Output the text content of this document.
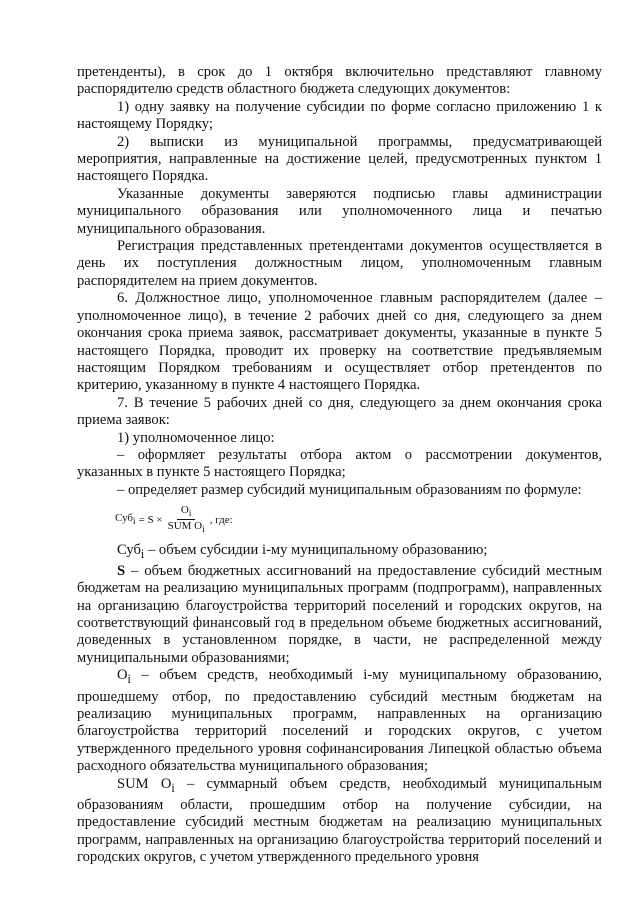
претенденты), в срок до 1 октября включительно представляют главному распорядителю средств областного бюджета следующих документов:

1) одну заявку на получение субсидии по форме согласно приложению 1 к настоящему Порядку;

2) выписки из муниципальной программы, предусматривающей мероприятия, направленные на достижение целей, предусмотренных пунктом 1 настоящего Порядка.

Указанные документы заверяются подписью главы администрации муниципального образования или уполномоченного лица и печатью муниципального образования.

Регистрация представленных претендентами документов осуществляется в день их поступления должностным лицом, уполномоченным главным распорядителем на прием документов.

6. Должностное лицо, уполномоченное главным распорядителем (далее – уполномоченное лицо), в течение 2 рабочих дней со дня, следующего за днем окончания срока приема заявок, рассматривает документы, указанные в пункте 5 настоящего Порядка, проводит их проверку на соответствие предъявляемым настоящим Порядком требованиям и осуществляет отбор претендентов по критерию, указанному в пункте 4 настоящего Порядка.

7. В течение 5 рабочих дней со дня, следующего за днем окончания срока приема заявок:

1) уполномоченное лицо:

– оформляет результаты отбора актом о рассмотрении документов, указанных в пункте 5 настоящего Порядка;

– определяет размер субсидий муниципальным образованиям по формуле:

$Суб_i = S \times \frac{O_i}{SUM O_i}$ , где:

Суб$_i$ – объем субсидии i-му муниципальному образованию;

S – объем бюджетных ассигнований на предоставление субсидий местным бюджетам на реализацию муниципальных программ (подпрограмм), направленных на организацию благоустройства территорий поселений и городских округов, на соответствующий финансовый год в предельном объеме бюджетных ассигнований, доведенных в установленном порядке, в части, не распределенной между муниципальными образованиями;

$O_i$ – объем средств, необходимый i-му муниципальному образованию, прошедшему отбор, по предоставлению субсидий местным бюджетам на реализацию муниципальных программ, направленных на организацию благоустройства территорий поселений и городских округов, с учетом утвержденного предельного уровня софинансирования Липецкой областью объема расходного обязательства муниципального образования;

SUM $O_i$ – суммарный объем средств, необходимый муниципальным образованиям области, прошедшим отбор на получение субсидии, на предоставление субсидий местным бюджетам на реализацию муниципальных программ, направленных на организацию благоустройства территорий поселений и городских округов, с учетом утвержденного предельного уровня
